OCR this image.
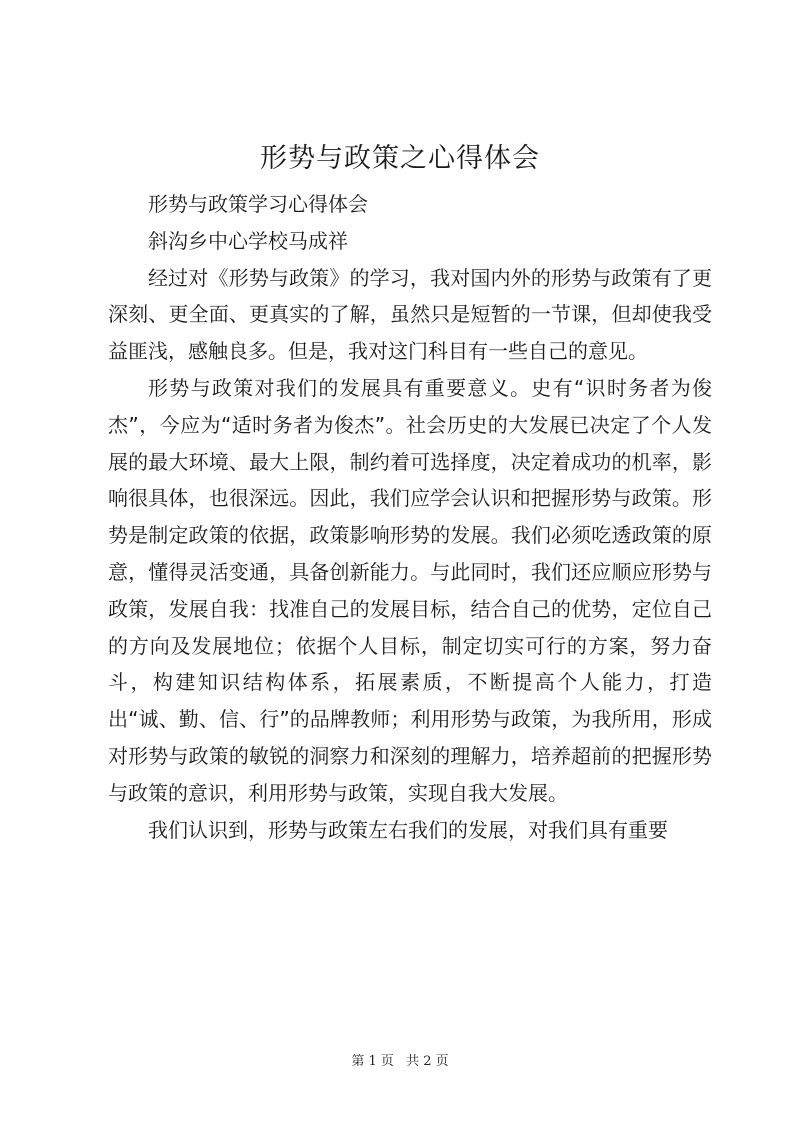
形势与政策之心得体会

形势与政策学习心得体会

斜沟乡中心学校马成祥

经过对《形势与政策》的学习，我对国内外的形势与政策有了更深刻、更全面、更真实的了解，虽然只是短暂的一节课，但却使我受益匪浅，感触良多。但是，我对这门科目有一些自己的意见。

形势与政策对我们的发展具有重要意义。史有“识时务者为俊杰”，今应为“适时务者为俊杰”。社会历史的大发展已决定了个人发展的最大环境、最大上限，制约着可选择度，决定着成功的机率，影响很具体，也很深远。因此，我们应学会认识和把握形势与政策。形势是制定政策的依据，政策影响形势的发展。我们必须吃透政策的原意，懂得灵活变通，具备创新能力。与此同时，我们还应顺应形势与政策，发展自我：找准自己的发展目标，结合自己的优势，定位自己的方向及发展地位；依据个人目标，制定切实可行的方案，努力奋斗，构建知识结构体系，拓展素质，不断提高个人能力，打造出“诚、勤、信、行”的品牌教师；利用形势与政策，为我所用，形成对形势与政策的敏锐的洞察力和深刻的理解力，培养超前的把握形势与政策的意识，利用形势与政策，实现自我大发展。

我们认识到，形势与政策左右我们的发展，对我们具有重要

第 1 页 共 2 页
